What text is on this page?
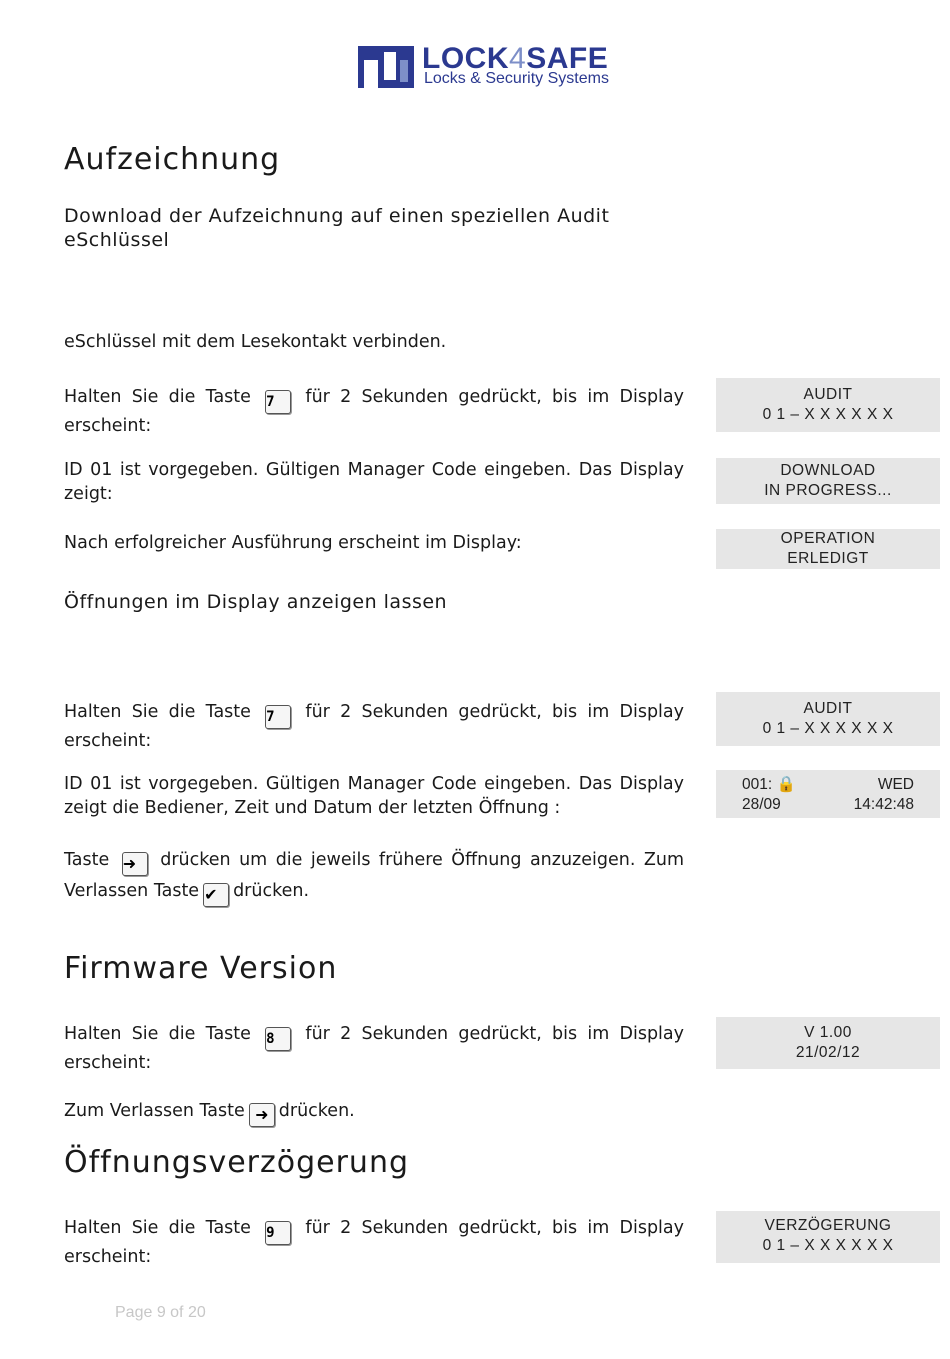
LOCK4SAFE
Locks & Security Systems
Aufzeichnung
Download der Aufzeichnung auf einen speziellen Audit
eSchlüssel
eSchlüssel mit dem Lesekontakt verbinden.
Halten Sie die Taste 7 für 2 Sekunden gedrückt, bis im Display erscheint:
ID 01 ist vorgegeben. Gültigen Manager Code eingeben. Das Display zeigt:
Nach erfolgreicher Ausführung erscheint im Display:
AUDIT
0 1 – X X X X X X
DOWNLOAD
IN PROGRESS...
OPERATION
ERLEDIGT
Öffnungen im Display anzeigen lassen
Halten Sie die Taste 7 für 2 Sekunden gedrückt, bis im Display erscheint:
ID 01 ist vorgegeben. Gültigen Manager Code eingeben. Das Display zeigt die Bediener, Zeit und Datum der letzten Öffnung :
Taste ➜ drücken um die jeweils frühere Öffnung anzuzeigen. Zum Verlassen Taste ✔ drücken.
AUDIT
0 1 – X X X X X X
001: 🔒	WED
28/09	14:42:48
Firmware Version
Halten Sie die Taste 8 für 2 Sekunden gedrückt, bis im Display erscheint:
Zum Verlassen Taste ➜ drücken.
V 1.00
21/02/12
Öffnungsverzögerung
Halten Sie die Taste 9 für 2 Sekunden gedrückt, bis im Display erscheint:
VERZÖGERUNG
0 1 – X X X X X X
Page 9 of 20
